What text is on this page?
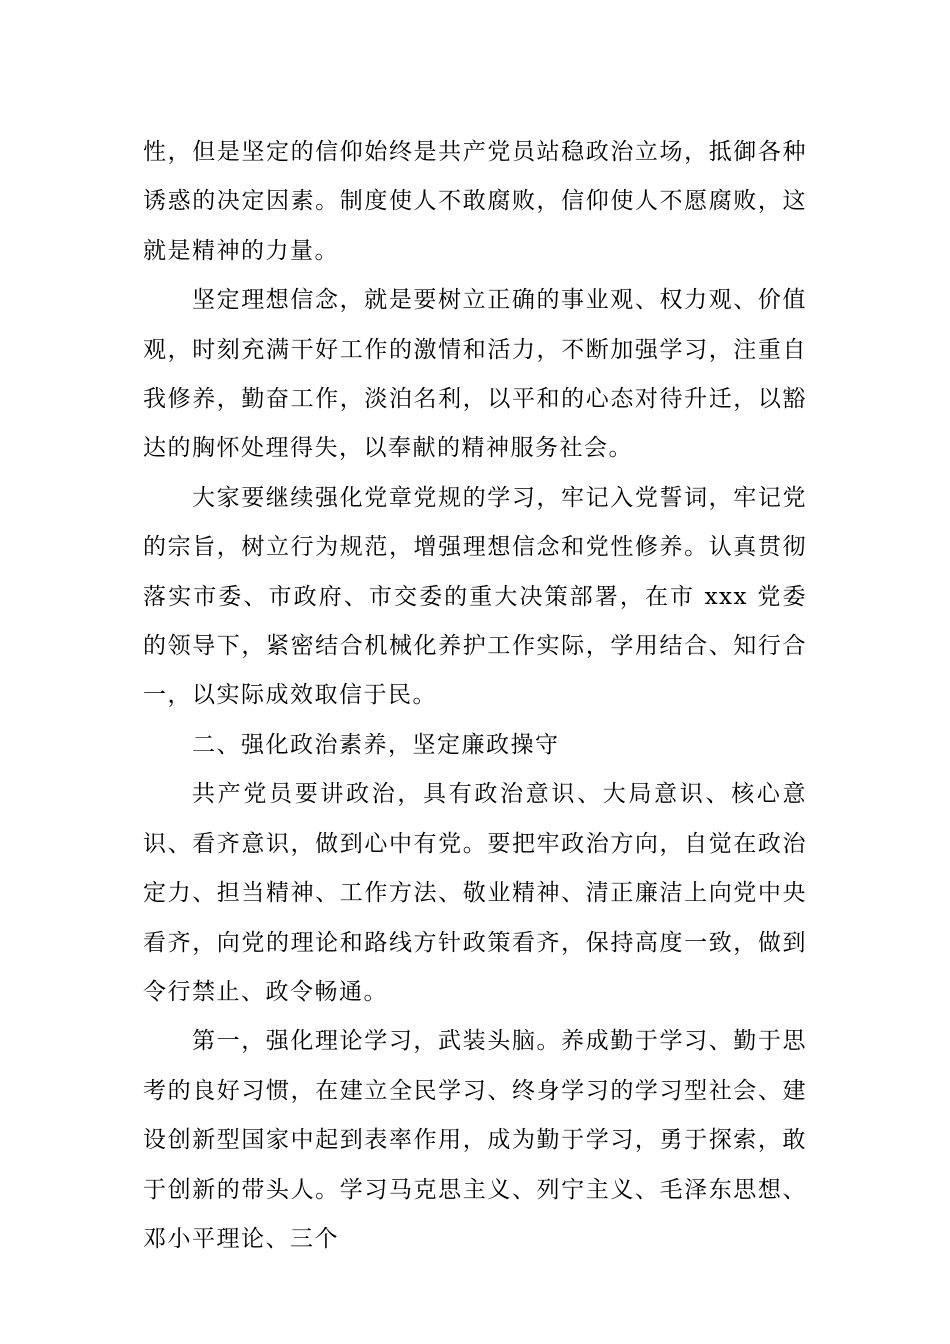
性，但是坚定的信仰始终是共产党员站稳政治立场，抵御各种诱惑的决定因素。制度使人不敢腐败，信仰使人不愿腐败，这就是精神的力量。

坚定理想信念，就是要树立正确的事业观、权力观、价值观，时刻充满干好工作的激情和活力，不断加强学习，注重自我修养，勤奋工作，淡泊名利，以平和的心态对待升迁，以豁达的胸怀处理得失，以奉献的精神服务社会。

大家要继续强化党章党规的学习，牢记入党誓词，牢记党的宗旨，树立行为规范，增强理想信念和党性修养。认真贯彻落实市委、市政府、市交委的重大决策部署，在市 xxx 党委的领导下，紧密结合机械化养护工作实际，学用结合、知行合一，以实际成效取信于民。

二、强化政治素养，坚定廉政操守

共产党员要讲政治，具有政治意识、大局意识、核心意识、看齐意识，做到心中有党。要把牢政治方向，自觉在政治定力、担当精神、工作方法、敬业精神、清正廉洁上向党中央看齐，向党的理论和路线方针政策看齐，保持高度一致，做到令行禁止、政令畅通。

第一，强化理论学习，武装头脑。养成勤于学习、勤于思考的良好习惯，在建立全民学习、终身学习的学习型社会、建设创新型国家中起到表率作用，成为勤于学习，勇于探索，敢于创新的带头人。学习马克思主义、列宁主义、毛泽东思想、邓小平理论、三个
